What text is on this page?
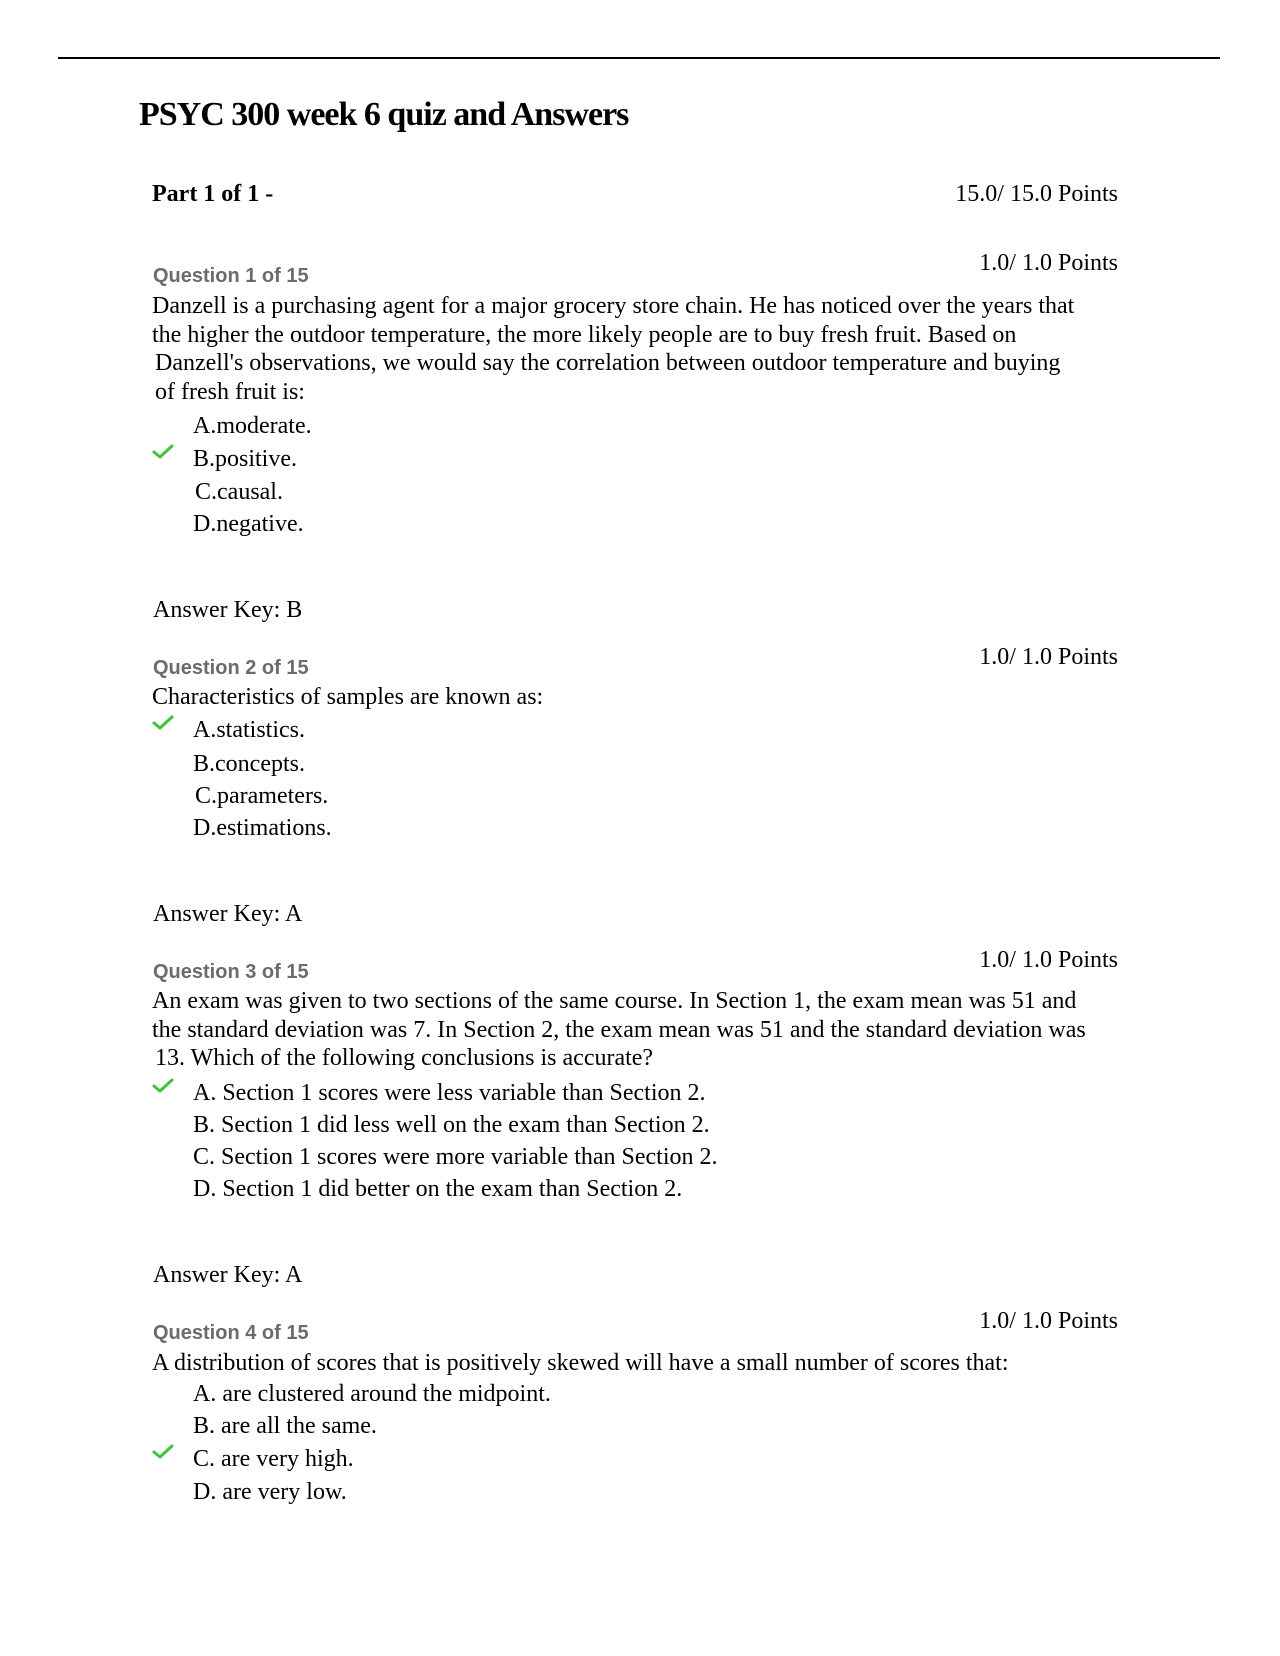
PSYC 300 week 6 quiz and Answers
Part 1 of 1 -	15.0/ 15.0 Points
1.0/ 1.0 Points
Question 1 of 15
Danzell is a purchasing agent for a major grocery store chain. He has noticed over the years that
the higher the outdoor temperature, the more likely people are to buy fresh fruit. Based on
Danzell's observations, we would say the correlation between outdoor temperature and buying
of fresh fruit is:
A.moderate.
B.positive.
C.causal.
D.negative.
Answer Key: B
1.0/ 1.0 Points
Question 2 of 15
Characteristics of samples are known as:
A.statistics.
B.concepts.
C.parameters.
D.estimations.
Answer Key: A
1.0/ 1.0 Points
Question 3 of 15
An exam was given to two sections of the same course. In Section 1, the exam mean was 51 and
the standard deviation was 7. In Section 2, the exam mean was 51 and the standard deviation was
13. Which of the following conclusions is accurate?
A. Section 1 scores were less variable than Section 2.
B. Section 1 did less well on the exam than Section 2.
C. Section 1 scores were more variable than Section 2.
D. Section 1 did better on the exam than Section 2.
Answer Key: A
1.0/ 1.0 Points
Question 4 of 15
A distribution of scores that is positively skewed will have a small number of scores that:
A. are clustered around the midpoint.
B. are all the same.
C. are very high.
D. are very low.
